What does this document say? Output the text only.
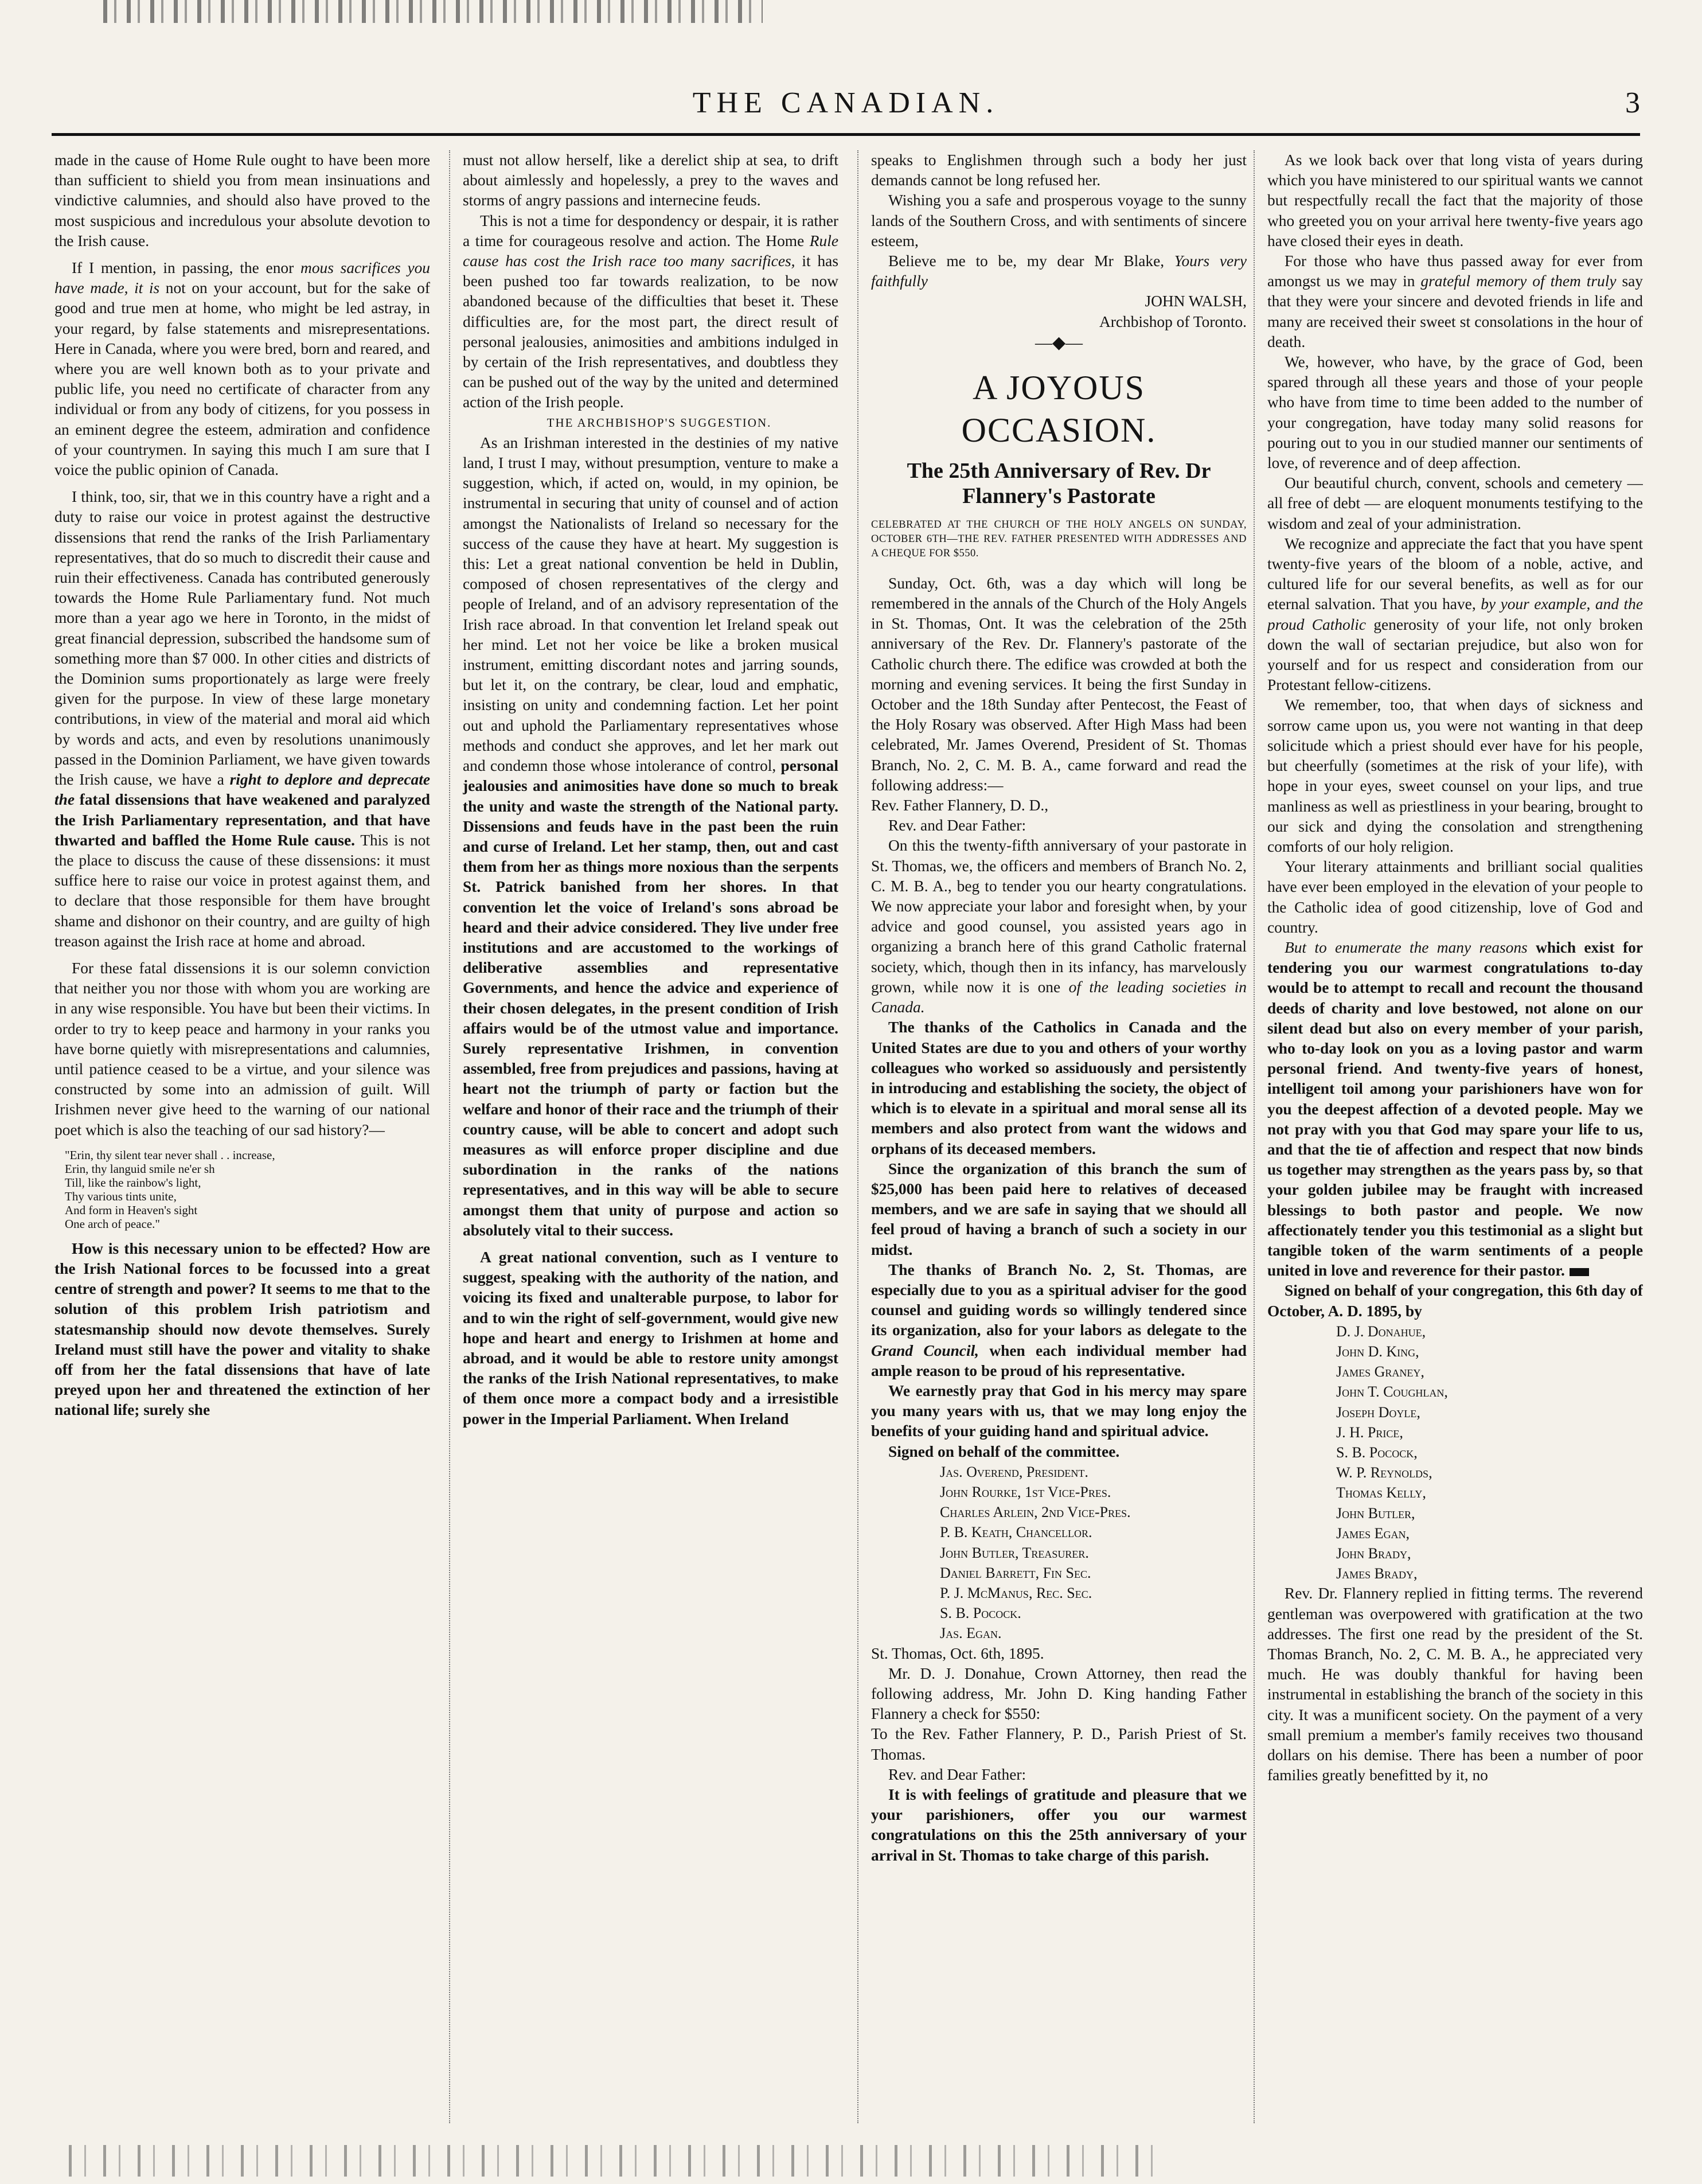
THE CANADIAN.	3

made in the cause of Home Rule ought to have been more than sufficient to shield you from mean insinuations and vindictive calumnies, and should also have proved to the most suspicious and incredulous your absolute devotion to the Irish cause.

If I mention, in passing, the enor mous sacrifices you have made, it is not on your account, but for the sake of good and true men at home, who might be led astray, in your regard, by false statements and misrepresentations. Here in Canada, where you were bred, born and reared, and where you are well known both as to your private and public life, you need no certificate of character from any individual or from any body of citizens, for you possess in an eminent degree the esteem, admiration and confidence of your countrymen. In saying this much I am sure that I voice the public opinion of Canada.

I think, too, sir, that we in this country have a right and a duty to raise our voice in protest against the destructive dissensions that rend the ranks of the Irish Parliamentary representatives, that do so much to discredit their cause and ruin their effectiveness. Canada has contributed generously towards the Home Rule Parliamentary fund. Not much more than a year ago we here in Toronto, in the midst of great financial depression, subscribed the handsome sum of something more than $7 000. In other cities and districts of the Dominion sums proportionately as large were freely given for the purpose. In view of these large monetary contributions, in view of the material and moral aid which by words and acts, and even by resolutions unanimously passed in the Dominion Parliament, we have given towards the Irish cause, we have a right to deplore and deprecate the fatal dissensions that have weakened and paralyzed the Irish Parliamentary representation, and that have thwarted and baffled the Home Rule cause. This is not the place to discuss the cause of these dissensions: it must suffice here to raise our voice in protest against them, and to declare that those responsible for them have brought shame and dishonor on their country, and are guilty of high treason against the Irish race at home and abroad.

For these fatal dissensions it is our solemn conviction that neither you nor those with whom you are working are in any wise responsible. You have but been their victims. In order to try to keep peace and harmony in your ranks you have borne quietly with misrepresentations and calumnies, until patience ceased to be a virtue, and your silence was constructed by some into an admission of guilt. Will Irishmen never give heed to the warning of our national poet which is also the teaching of our sad history?—

"Erin, thy silent tear never shall . . increase,
Erin, thy languid smile ne'er sh
Till, like the rainbow's light,
Thy various tints unite,
And form in Heaven's sight
One arch of peace."

How is this necessary union to be effected? How are the Irish National forces to be focussed into a great centre of strength and power? It seems to me that to the solution of this problem Irish patriotism and statesmanship should now devote themselves. Surely Ireland must still have the power and vitality to shake off from her the fatal dissensions that have of late preyed upon her and threatened the extinction of her national life; surely she

must not allow herself, like a derelict ship at sea, to drift about aimlessly and hopelessly, a prey to the waves and storms of angry passions and internecine feuds.

This is not a time for despondency or despair, it is rather a time for courageous resolve and action. The Home Rule cause has cost the Irish race too many sacrifices, it has been pushed too far towards realization, to be now abandoned because of the difficulties that beset it. These difficulties are, for the most part, the direct result of personal jealousies, animosities and ambitions indulged in by certain of the Irish representatives, and doubtless they can be pushed out of the way by the united and determined action of the Irish people.

THE ARCHBISHOP'S SUGGESTION.

As an Irishman interested in the destinies of my native land, I trust I may, without presumption, venture to make a suggestion, which, if acted on, would, in my opinion, be instrumental in securing that unity of counsel and of action amongst the Nationalists of Ireland so necessary for the success of the cause they have at heart. My suggestion is this: Let a great national convention be held in Dublin, composed of chosen representatives of the clergy and people of Ireland, and of an advisory representation of the Irish race abroad. In that convention let Ireland speak out her mind. Let not her voice be like a broken musical instrument, emitting discordant notes and jarring sounds, but let it, on the contrary, be clear, loud and emphatic, insisting on unity and condemning faction. Let her point out and uphold the Parliamentary representatives whose methods and conduct she approves, and let her mark out and condemn those whose intolerance of control, personal jealousies and animosities have done so much to break the unity and waste the strength of the National party. Dissensions and feuds have in the past been the ruin and curse of Ireland. Let her stamp, then, out and cast them from her as things more noxious than the serpents St. Patrick banished from her shores. In that convention let the voice of Ireland's sons abroad be heard and their advice considered. They live under free institutions and are accustomed to the workings of deliberative assemblies and representative Governments, and hence the advice and experience of their chosen delegates, in the present condition of Irish affairs would be of the utmost value and importance. Surely representative Irishmen, in convention assembled, free from prejudices and passions, having at heart not the triumph of party or faction but the welfare and honor of their race and the triumph of their country cause, will be able to concert and adopt such measures as will enforce proper discipline and due subordination in the ranks of the nations representatives, and in this way will be able to secure amongst them that unity of purpose and action so absolutely vital to their success.

A great national convention, such as I venture to suggest, speaking with the authority of the nation, and voicing its fixed and unalterable purpose, to labor for and to win the right of self-government, would give new hope and heart and energy to Irishmen at home and abroad, and it would be able to restore unity amongst the ranks of the Irish National representatives, to make of them once more a compact body and a irresistible power in the Imperial Parliament. When Ireland

speaks to Englishmen through such a body her just demands cannot be long refused her.

Wishing you a safe and prosperous voyage to the sunny lands of the Southern Cross, and with sentiments of sincere esteem,

Believe me to be, my dear Mr Blake, Yours very faithfully

JOHN WALSH,

Archbishop of Toronto.

—◆—
A JOYOUS OCCASION.
The 25th Anniversary of Rev. Dr Flannery's Pastorate
CELEBRATED AT THE CHURCH OF THE HOLY ANGELS ON SUNDAY, OCTOBER 6TH—THE REV. FATHER PRESENTED WITH ADDRESSES AND A CHEQUE FOR $550.

Sunday, Oct. 6th, was a day which will long be remembered in the annals of the Church of the Holy Angels in St. Thomas, Ont. It was the celebration of the 25th anniversary of the Rev. Dr. Flannery's pastorate of the Catholic church there. The edifice was crowded at both the morning and evening services. It being the first Sunday in October and the 18th Sunday after Pentecost, the Feast of the Holy Rosary was observed. After High Mass had been celebrated, Mr. James Overend, President of St. Thomas Branch, No. 2, C. M. B. A., came forward and read the following address:—

Rev. Father Flannery, D. D.,

Rev. and Dear Father:

On this the twenty-fifth anniversary of your pastorate in St. Thomas, we, the officers and members of Branch No. 2, C. M. B. A., beg to tender you our hearty congratulations. We now appreciate your labor and foresight when, by your advice and good counsel, you assisted years ago in organizing a branch here of this grand Catholic fraternal society, which, though then in its infancy, has marvelously grown, while now it is one of the leading societies in Canada.

The thanks of the Catholics in Canada and the United States are due to you and others of your worthy colleagues who worked so assiduously and persistently in introducing and establishing the society, the object of which is to elevate in a spiritual and moral sense all its members and also protect from want the widows and orphans of its deceased members.

Since the organization of this branch the sum of $25,000 has been paid here to relatives of deceased members, and we are safe in saying that we should all feel proud of having a branch of such a society in our midst.

The thanks of Branch No. 2, St. Thomas, are especially due to you as a spiritual adviser for the good counsel and guiding words so willingly tendered since its organization, also for your labors as delegate to the Grand Council, when each individual member had ample reason to be proud of his representative.

We earnestly pray that God in his mercy may spare you many years with us, that we may long enjoy the benefits of your guiding hand and spiritual advice.

Signed on behalf of the committee.

Jas. Overend, President.
John Rourke, 1st Vice-Pres.
Charles Arlein, 2nd Vice-Pres.
P. B. Keath, Chancellor.
John Butler, Treasurer.
Daniel Barrett, Fin Sec.
P. J. McManus, Rec. Sec.
S. B. Pocock.
Jas. Egan.

St. Thomas, Oct. 6th, 1895.

Mr. D. J. Donahue, Crown Attorney, then read the following address, Mr. John D. King handing Father Flannery a check for $550:

To the Rev. Father Flannery, P. D., Parish Priest of St. Thomas.

Rev. and Dear Father:

It is with feelings of gratitude and pleasure that we your parishioners, offer you our warmest congratulations on this the 25th anniversary of your arrival in St. Thomas to take charge of this parish.

As we look back over that long vista of years during which you have ministered to our spiritual wants we cannot but respectfully recall the fact that the majority of those who greeted you on your arrival here twenty-five years ago have closed their eyes in death.

For those who have thus passed away for ever from amongst us we may in grateful memory of them truly say that they were your sincere and devoted friends in life and many are received their sweet st consolations in the hour of death.

We, however, who have, by the grace of God, been spared through all these years and those of your people who have from time to time been added to the number of your congregation, have today many solid reasons for pouring out to you in our studied manner our sentiments of love, of reverence and of deep affection.

Our beautiful church, convent, schools and cemetery — all free of debt — are eloquent monuments testifying to the wisdom and zeal of your administration.

We recognize and appreciate the fact that you have spent twenty-five years of the bloom of a noble, active, and cultured life for our several benefits, as well as for our eternal salvation. That you have, by your example, and the proud Catholic generosity of your life, not only broken down the wall of sectarian prejudice, but also won for yourself and for us respect and consideration from our Protestant fellow-citizens.

We remember, too, that when days of sickness and sorrow came upon us, you were not wanting in that deep solicitude which a priest should ever have for his people, but cheerfully (sometimes at the risk of your life), with hope in your eyes, sweet counsel on your lips, and true manliness as well as priestliness in your bearing, brought to our sick and dying the consolation and strengthening comforts of our holy religion.

Your literary attainments and brilliant social qualities have ever been employed in the elevation of your people to the Catholic idea of good citizenship, love of God and country.

But to enumerate the many reasons which exist for tendering you our warmest congratulations to-day would be to attempt to recall and recount the thousand deeds of charity and love bestowed, not alone on our silent dead but also on every member of your parish, who to-day look on you as a loving pastor and warm personal friend. And twenty-five years of honest, intelligent toil among your parishioners have won for you the deepest affection of a devoted people. May we not pray with you that God may spare your life to us, and that the tie of affection and respect that now binds us together may strengthen as the years pass by, so that your golden jubilee may be fraught with increased blessings to both pastor and people. We now affectionately tender you this testimonial as a slight but tangible token of the warm sentiments of a people united in love and reverence for their pastor.

Signed on behalf of your congregation, this 6th day of October, A. D. 1895, by

D. J. Donahue,
John D. King,
James Graney,
John T. Coughlan,
Joseph Doyle,
J. H. Price,
S. B. Pocock,
W. P. Reynolds,
Thomas Kelly,
John Butler,
James Egan,
John Brady,
James Brady,

Rev. Dr. Flannery replied in fitting terms. The reverend gentleman was overpowered with gratification at the two addresses. The first one read by the president of the St. Thomas Branch, No. 2, C. M. B. A., he appreciated very much. He was doubly thankful for having been instrumental in establishing the branch of the society in this city. It was a munificent society. On the payment of a very small premium a member's family receives two thousand dollars on his demise. There has been a number of poor families greatly benefitted by it, no
